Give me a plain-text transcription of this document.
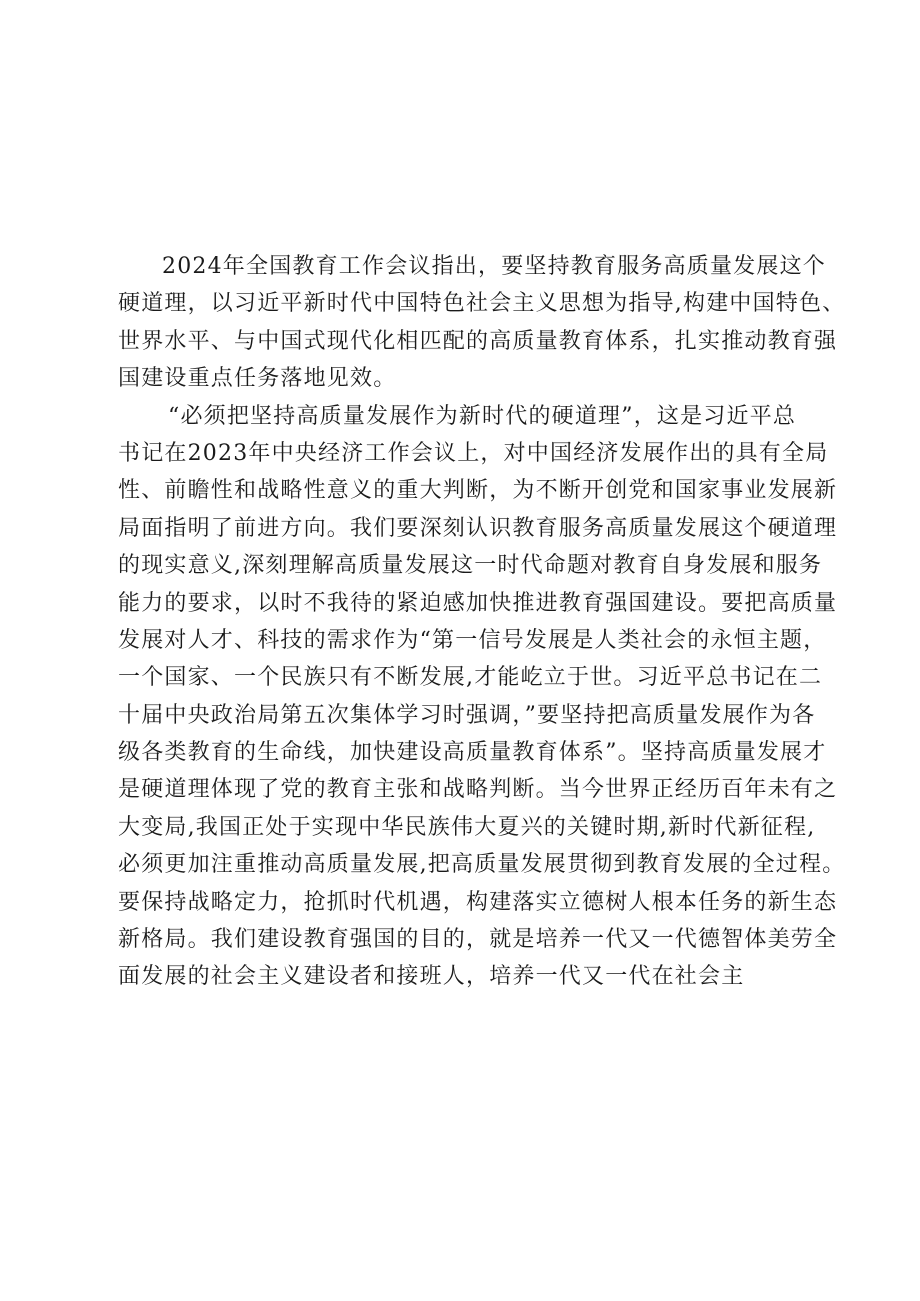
2024年全国教育工作会议指出，要坚持教育服务高质量发展这个
硬道理，以习近平新时代中国特色社会主义思想为指导,构建中国特色、
世界水平、与中国式现代化相匹配的高质量教育体系，扎实推动教育强
国建设重点任务落地见效。
“必须把坚持高质量发展作为新时代的硬道理”，这是习近平总
书记在2023年中央经济工作会议上，对中国经济发展作出的具有全局
性、前瞻性和战略性意义的重大判断，为不断开创党和国家事业发展新
局面指明了前进方向。我们要深刻认识教育服务高质量发展这个硬道理
的现实意义,深刻理解高质量发展这一时代命题对教育自身发展和服务
能力的要求，以时不我待的紧迫感加快推进教育强国建设。要把高质量
发展对人才、科技的需求作为“第一信号发展是人类社会的永恒主题，
一个国家、一个民族只有不断发展,才能屹立于世。习近平总书记在二
十届中央政治局第五次集体学习时强调，”要坚持把高质量发展作为各
级各类教育的生命线，加快建设高质量教育体系”。坚持高质量发展才
是硬道理体现了党的教育主张和战略判断。当今世界正经历百年未有之
大变局,我国正处于实现中华民族伟大夏兴的关键时期,新时代新征程,
必须更加注重推动高质量发展,把高质量发展贯彻到教育发展的全过程。
要保持战略定力，抢抓时代机遇，构建落实立德树人根本任务的新生态
新格局。我们建设教育强国的目的，就是培养一代又一代德智体美劳全
面发展的社会主义建设者和接班人，培养一代又一代在社会主
